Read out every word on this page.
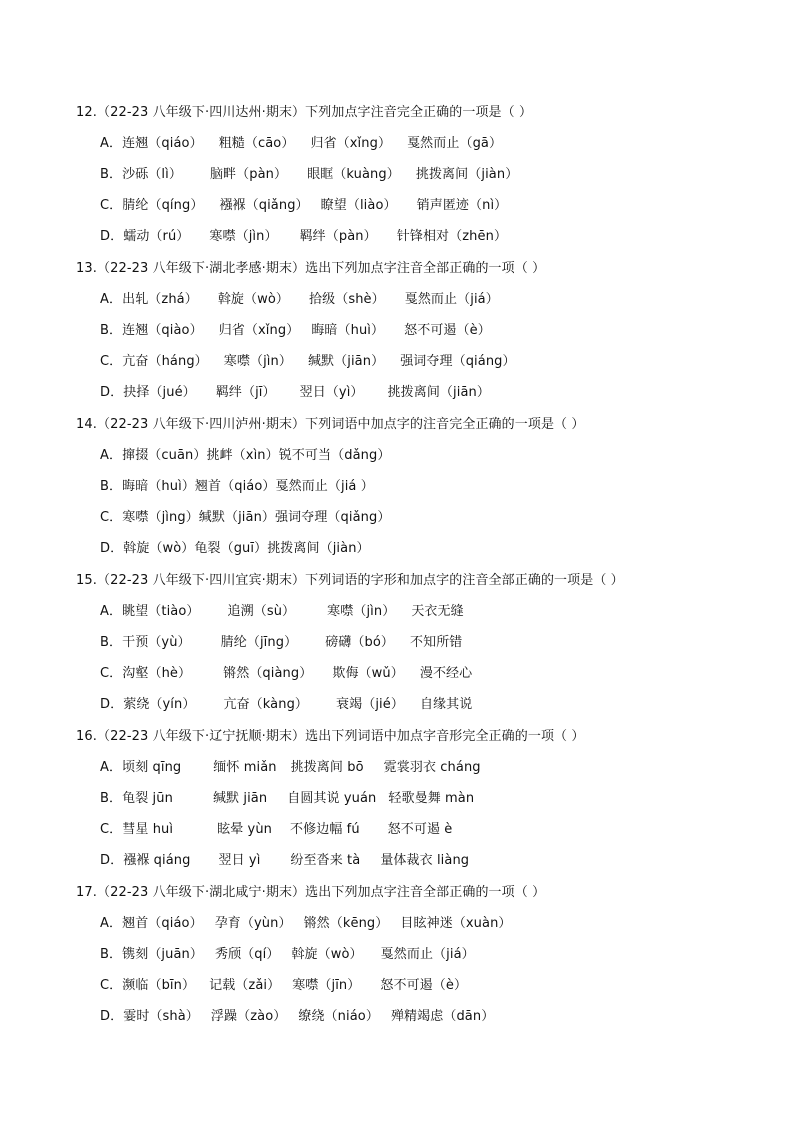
12.（22-23 八年级下·四川达州·期末）下列加点字注音完全正确的一项是（ ）
A．连翘（qiáo） 粗糙（cāo） 归省（xǐng） 戛然而止（gā）
B．沙砾（lì） 脑畔（pàn） 眼眶（kuàng） 挑拨离间（jiàn）
C．腈纶（qíng） 襁褓（qiǎng） 瞭望（liào） 销声匿迹（nì）
D．蠕动（rú） 寒噤（jìn） 羁绊（pàn） 针锋相对（zhēn）
13.（22-23 八年级下·湖北孝感·期末）选出下列加点字注音全部正确的一项（ ）
A．出轧（zhá） 斡旋（wò） 拾级（shè） 戛然而止（jiá）
B．连翘（qiào） 归省（xǐng） 晦暗（huì） 怒不可遏（è）
C．亢奋（háng） 寒噤（jìn） 缄默（jiān） 强词夺理（qiáng）
D．抉择（jué） 羁绊（jī） 翌日（yì） 挑拨离间（jiān）
14.（22-23 八年级下·四川泸州·期末）下列词语中加点字的注音完全正确的一项是（ ）
A．撺掇（cuān）挑衅（xìn）锐不可当（dǎng）
B．晦暗（huì）翘首（qiáo）戛然而止（jiá ）
C．寒噤（jìng）缄默（jiān）强词夺理（qiǎng）
D．斡旋（wò）龟裂（guī）挑拨离间（jiàn）
15.（22-23 八年级下·四川宜宾·期末）下列词语的字形和加点字的注音全部正确的一项是（ ）
A．眺望（tiào） 追溯（sù） 寒噤（jìn） 天衣无缝
B．干预（yù） 腈纶（jīng） 磅礴（bó） 不知所错
C．沟壑（hè） 锵然（qiàng） 欺侮（wǔ） 漫不经心
D．萦绕（yín） 亢奋（kàng） 衰竭（jié） 自缘其说
16.（22-23 八年级下·辽宁抚顺·期末）选出下列词语中加点字音形完全正确的一项（ ）
A．顷刻 qīng 缅怀 miǎn 挑拨离间 bō 霓裳羽衣 cháng
B．龟裂 jūn	缄默 jiān 自圆其说 yuán 轻歌曼舞 màn
C．彗星 huì	眩晕 yùn 不修边幅 fú 怒不可遏 è
D．襁褓 qiáng 翌日 yì 纷至沓来 tà 量体裁衣 liàng
17.（22-23 八年级下·湖北咸宁·期末）选出下列加点字注音全部正确的一项（ ）
A．翘首（qiáo） 孕育（yùn） 锵然（kēng） 目眩神迷（xuàn）
B．镌刻（juān） 秀颀（qí） 斡旋（wò） 戛然而止（jiá）
C．濒临（bīn） 记载（zǎi） 寒噤（jīn） 怒不可遏（è）
D．霎时（shà） 浮躁（zào） 缭绕（niáo） 殚精竭虑（dān）
